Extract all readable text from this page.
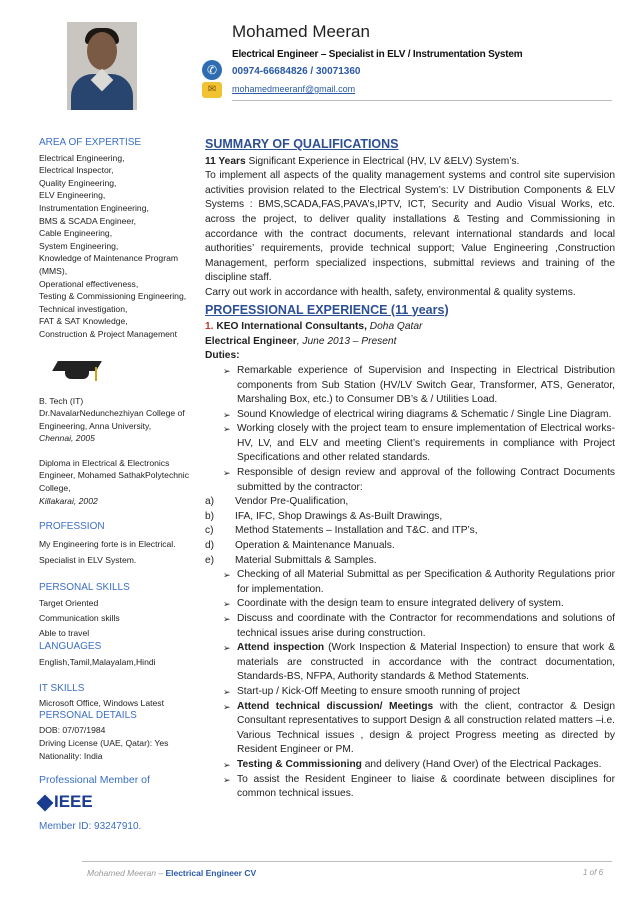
Mohamed Meeran
Electrical Engineer – Specialist in ELV / Instrumentation System
✆	00974-66684826 / 30071360
✉	mohamedmeeranf@gmail.com
AREA OF EXPERTISE
Electrical Engineering,
Electrical Inspector,
Quality Engineering,
ELV Engineering,
Instrumentation Engineering,
BMS & SCADA Engineer,
Cable Engineering,
System Engineering,
Knowledge of Maintenance Program (MMS),
Operational effectiveness,
Testing & Commissioning Engineering,
Technical investigation,
FAT & SAT Knowledge,
Construction & Project Management
B. Tech (IT)
Dr.NavalarNedunchezhiyan College of Engineering, Anna University,
Chennai, 2005
Diploma in Electrical & Electronics Engineer, Mohamed SathakPolytechnic College,
Killakarai, 2002
PROFESSION
My Engineering forte is in Electrical. Specialist in ELV System.
PERSONAL SKILLS
Target Oriented
Communication skills
Able to travel
LANGUAGES
English,Tamil,Malayalam,Hindi
IT SKILLS
Microsoft Office, Windows Latest
PERSONAL DETAILS
DOB: 07/07/1984
Driving License (UAE, Qatar): Yes
Nationality: India
Professional Member of
IEEE
Member ID: 93247910.
SUMMARY OF QUALIFICATIONS

11 Years Significant Experience in Electrical (HV, LV &ELV) System’s.

To implement all aspects of the quality management systems and control site supervision activities provision related to the Electrical System’s: LV Distribution Components & ELV Systems : BMS,SCADA,FAS,PAVA’s,IPTV, ICT, Security and Audio Visual Works, etc. across the project, to deliver quality installations & Testing and Commissioning in accordance with the contract documents, relevant international standards and local authorities’ requirements, provide technical support; Value Engineering ,Construction Management, perform specialized inspections, submittal reviews and training of the discipline staff.

Carry out work in accordance with health, safety, environmental & quality systems.

PROFESSIONAL EXPERIENCE (11 years)
1. KEO International Consultants, Doha Qatar
Electrical Engineer, June 2013 – Present
Duties:
➢ Remarkable experience of Supervision and Inspecting in Electrical Distribution components from Sub Station (HV/LV Switch Gear, Transformer, ATS, Generator, Marshaling Box, etc.) to Consumer DB’s & / Utilities Load.
➢ Sound Knowledge of electrical wiring diagrams & Schematic / Single Line Diagram.
➢ Working closely with the project team to ensure implementation of Electrical works-HV, LV, and ELV and meeting Client’s requirements in compliance with Project Specifications and other related standards.
➢ Responsible of design review and approval of the following Contract Documents submitted by the contractor:
a) Vendor Pre-Qualification,
b) IFA, IFC, Shop Drawings & As-Built Drawings,
c) Method Statements – Installation and T&C. and ITP’s,
d) Operation & Maintenance Manuals.
e) Material Submittals & Samples.
➢ Checking of all Material Submittal as per Specification & Authority Regulations prior for implementation.
➢ Coordinate with the design team to ensure integrated delivery of system.
➢ Discuss and coordinate with the Contractor for recommendations and solutions of technical issues arise during construction.
➢ Attend inspection (Work Inspection & Material Inspection) to ensure that work & materials are constructed in accordance with the contract documentation, Standards-BS, NFPA, Authority standards & Method Statements.
➢ Start-up / Kick-Off Meeting to ensure smooth running of project
➢ Attend technical discussion/ Meetings with the client, contractor & Design Consultant representatives to support Design & all construction related matters –i.e. Various Technical issues , design & project Progress meeting as directed by Resident Engineer or PM.
➢ Testing & Commissioning and delivery (Hand Over) of the Electrical Packages.
➢ To assist the Resident Engineer to liaise & coordinate between disciplines for common technical issues.
Mohamed Meeran – Electrical Engineer CV	1 of 6
